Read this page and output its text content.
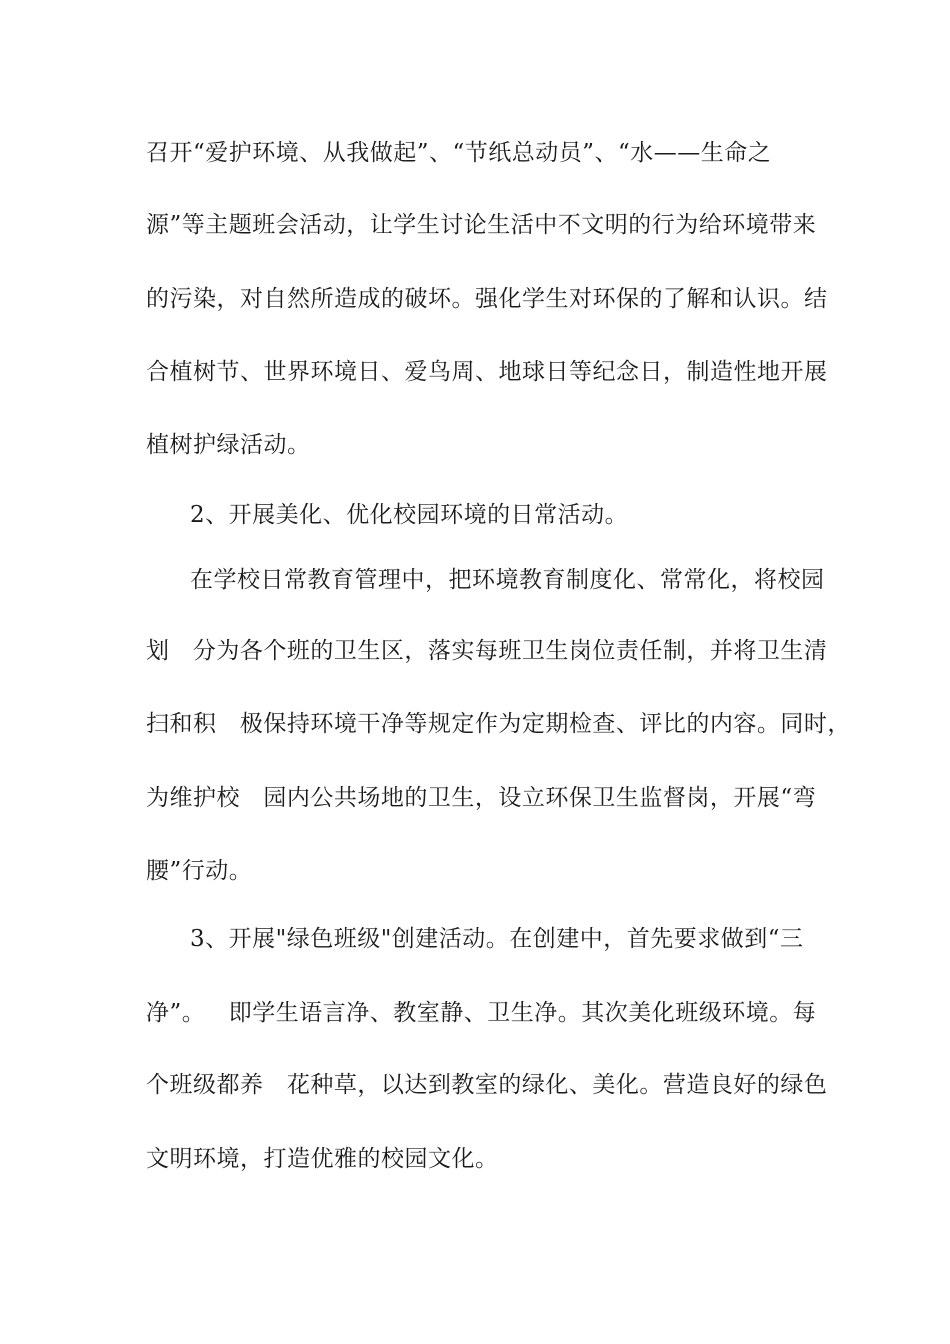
召开“爱护环境、从我做起”、“节纸总动员”、“水——生命之
源”等主题班会活动，让学生讨论生活中不文明的行为给环境带来
的污染，对自然所造成的破坏。强化学生对环保的了解和认识。结
合植树节、世界环境日、爱鸟周、地球日等纪念日，制造性地开展
植树护绿活动。
2、开展美化、优化校园环境的日常活动。
在学校日常教育管理中，把环境教育制度化、常常化，将校园
划   分为各个班的卫生区，落实每班卫生岗位责任制，并将卫生清
扫和积   极保持环境干净等规定作为定期检查、评比的内容。同时，
为维护校   园内公共场地的卫生，设立环保卫生监督岗，开展“弯
腰”行动。
3、开展"绿色班级"创建活动。在创建中，首先要求做到“三
净”。   即学生语言净、教室静、卫生净。其次美化班级环境。每
个班级都养   花种草，以达到教室的绿化、美化。营造良好的绿色
文明环境，打造优雅的校园文化。
